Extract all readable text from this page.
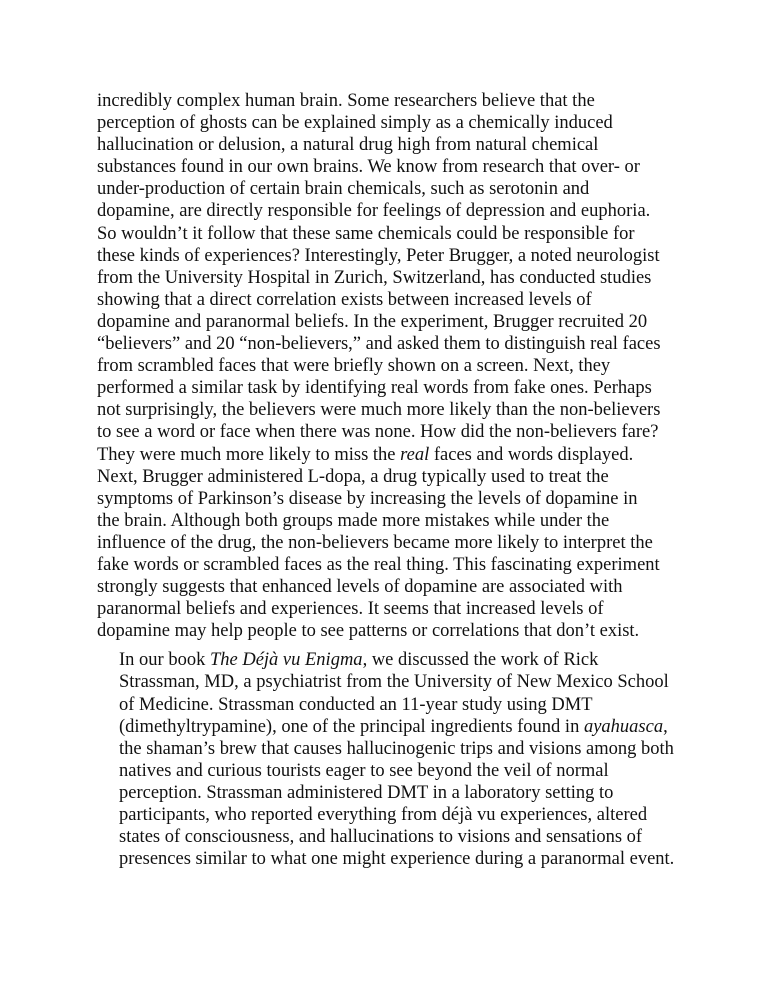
incredibly complex human brain. Some researchers believe that the
perception of ghosts can be explained simply as a chemically induced
hallucination or delusion, a natural drug high from natural chemical
substances found in our own brains. We know from research that over- or
under-production of certain brain chemicals, such as serotonin and
dopamine, are directly responsible for feelings of depression and euphoria.
So wouldn’t it follow that these same chemicals could be responsible for
these kinds of experiences? Interestingly, Peter Brugger, a noted neurologist
from the University Hospital in Zurich, Switzerland, has conducted studies
showing that a direct correlation exists between increased levels of
dopamine and paranormal beliefs. In the experiment, Brugger recruited 20
“believers” and 20 “non-believers,” and asked them to distinguish real faces
from scrambled faces that were briefly shown on a screen. Next, they
performed a similar task by identifying real words from fake ones. Perhaps
not surprisingly, the believers were much more likely than the non-believers
to see a word or face when there was none. How did the non-believers fare?
They were much more likely to miss the real faces and words displayed.
Next, Brugger administered L-dopa, a drug typically used to treat the
symptoms of Parkinson’s disease by increasing the levels of dopamine in
the brain. Although both groups made more mistakes while under the
influence of the drug, the non-believers became more likely to interpret the
fake words or scrambled faces as the real thing. This fascinating experiment
strongly suggests that enhanced levels of dopamine are associated with
paranormal beliefs and experiences. It seems that increased levels of
dopamine may help people to see patterns or correlations that don’t exist.

In our book The Déjà vu Enigma, we discussed the work of Rick
Strassman, MD, a psychiatrist from the University of New Mexico School
of Medicine. Strassman conducted an 11-year study using DMT
(dimethyltrypamine), one of the principal ingredients found in ayahuasca,
the shaman’s brew that causes hallucinogenic trips and visions among both
natives and curious tourists eager to see beyond the veil of normal
perception. Strassman administered DMT in a laboratory setting to
participants, who reported everything from déjà vu experiences, altered
states of consciousness, and hallucinations to visions and sensations of
presences similar to what one might experience during a paranormal event.
